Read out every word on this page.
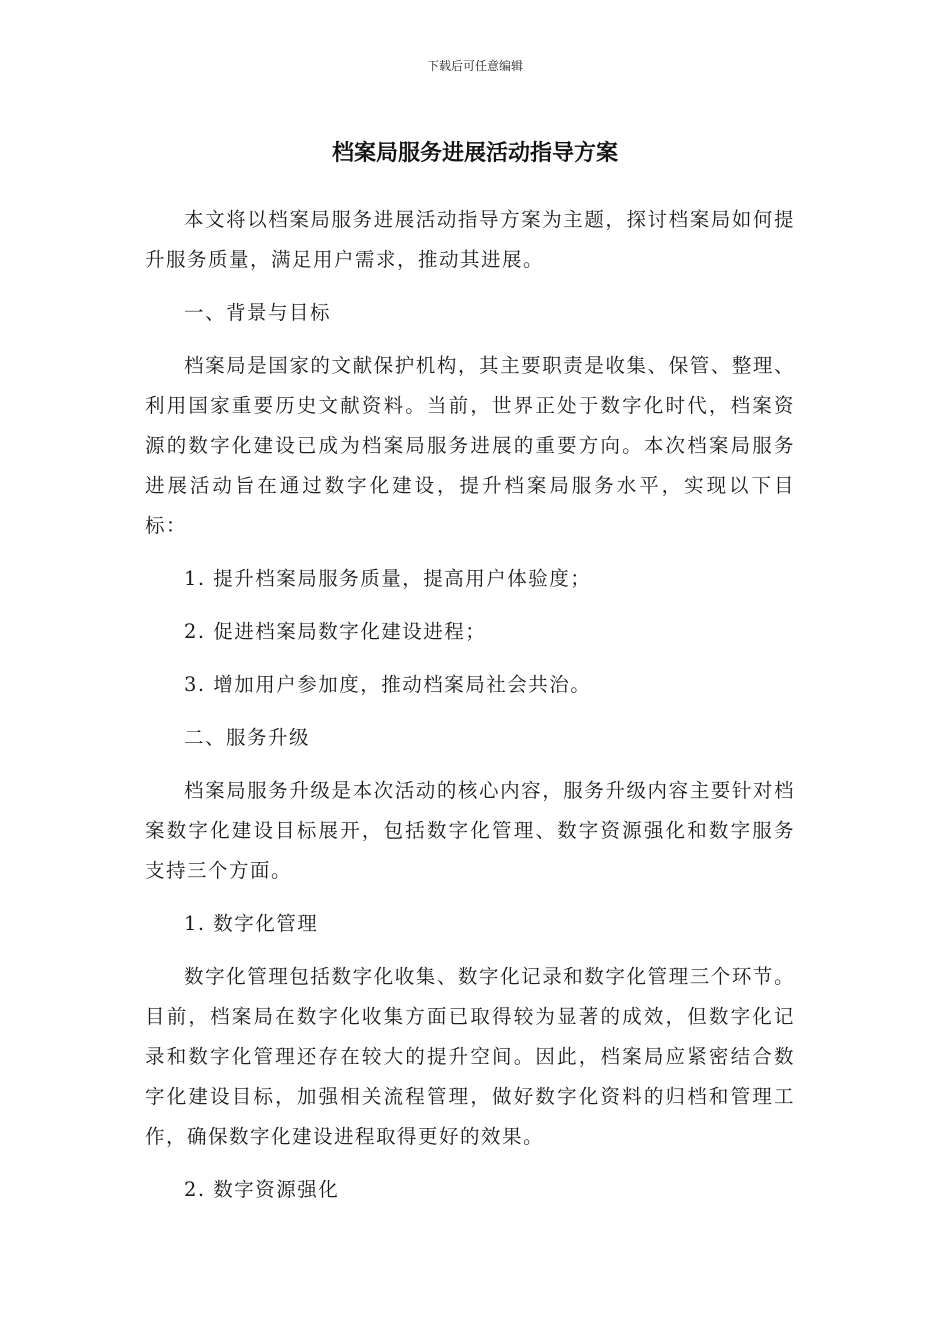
下载后可任意编辑
档案局服务进展活动指导方案

本文将以档案局服务进展活动指导方案为主题，探讨档案局如何提升服务质量，满足用户需求，推动其进展。

一、背景与目标

档案局是国家的文献保护机构，其主要职责是收集、保管、整理、利用国家重要历史文献资料。当前，世界正处于数字化时代，档案资源的数字化建设已成为档案局服务进展的重要方向。本次档案局服务进展活动旨在通过数字化建设，提升档案局服务水平，实现以下目标：

1. 提升档案局服务质量，提高用户体验度；

2. 促进档案局数字化建设进程；

3. 增加用户参加度，推动档案局社会共治。

二、服务升级

档案局服务升级是本次活动的核心内容，服务升级内容主要针对档案数字化建设目标展开，包括数字化管理、数字资源强化和数字服务支持三个方面。

1. 数字化管理

数字化管理包括数字化收集、数字化记录和数字化管理三个环节。目前，档案局在数字化收集方面已取得较为显著的成效，但数字化记录和数字化管理还存在较大的提升空间。因此，档案局应紧密结合数字化建设目标，加强相关流程管理，做好数字化资料的归档和管理工作，确保数字化建设进程取得更好的效果。

2. 数字资源强化
